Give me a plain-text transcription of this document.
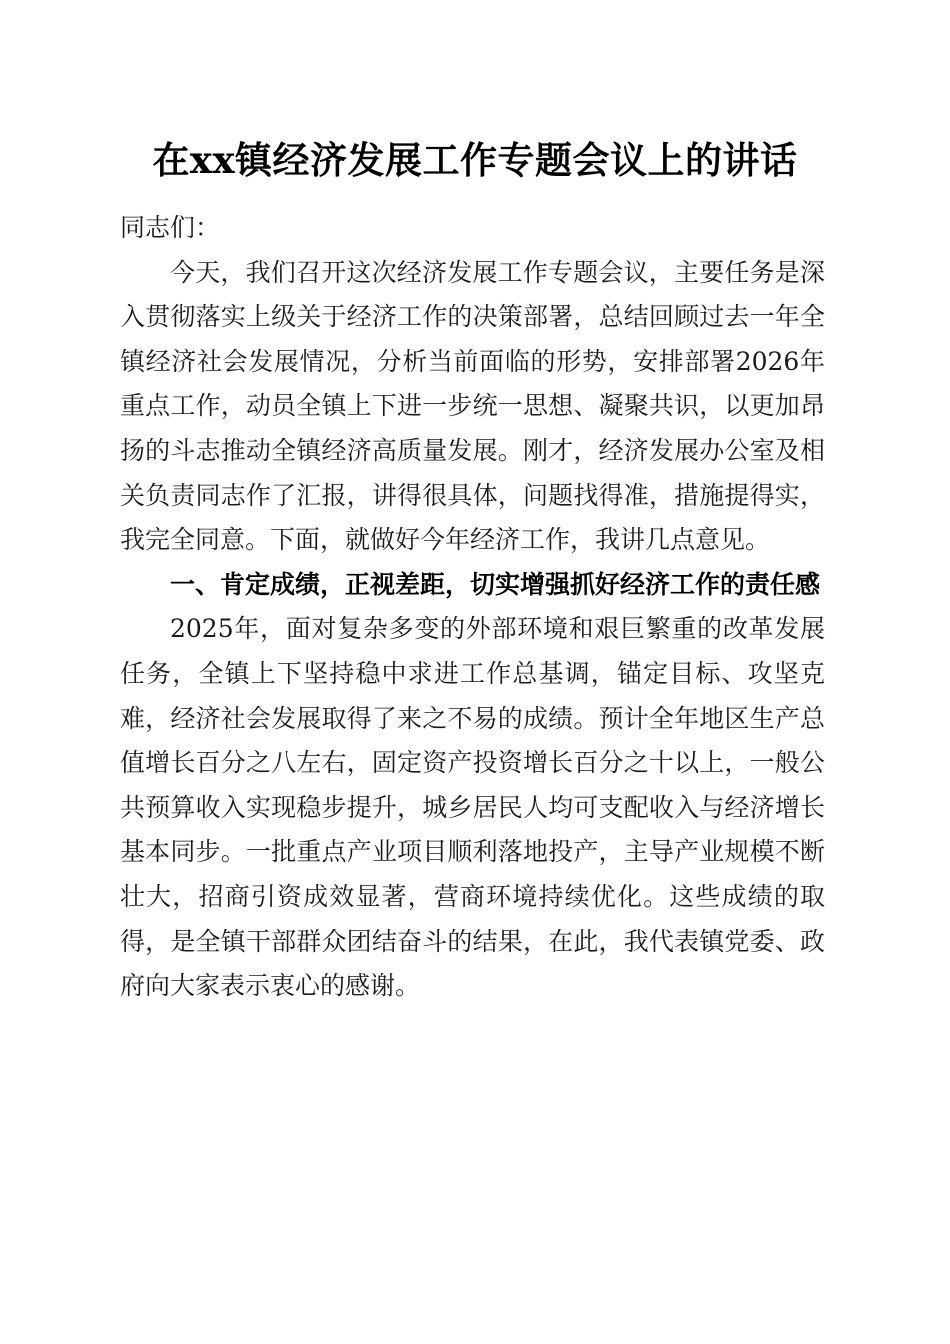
在xx镇经济发展工作专题会议上的讲话

同志们：

今天，我们召开这次经济发展工作专题会议，主要任务是深入贯彻落实上级关于经济工作的决策部署，总结回顾过去一年全镇经济社会发展情况，分析当前面临的形势，安排部署2026年重点工作，动员全镇上下进一步统一思想、凝聚共识，以更加昂扬的斗志推动全镇经济高质量发展。刚才，经济发展办公室及相关负责同志作了汇报，讲得很具体，问题找得准，措施提得实，我完全同意。下面，就做好今年经济工作，我讲几点意见。

一、肯定成绩，正视差距，切实增强抓好经济工作的责任感

2025年，面对复杂多变的外部环境和艰巨繁重的改革发展任务，全镇上下坚持稳中求进工作总基调，锚定目标、攻坚克难，经济社会发展取得了来之不易的成绩。预计全年地区生产总值增长百分之八左右，固定资产投资增长百分之十以上，一般公共预算收入实现稳步提升，城乡居民人均可支配收入与经济增长基本同步。一批重点产业项目顺利落地投产，主导产业规模不断壮大，招商引资成效显著，营商环境持续优化。这些成绩的取得，是全镇干部群众团结奋斗的结果，在此，我代表镇党委、政府向大家表示衷心的感谢。
